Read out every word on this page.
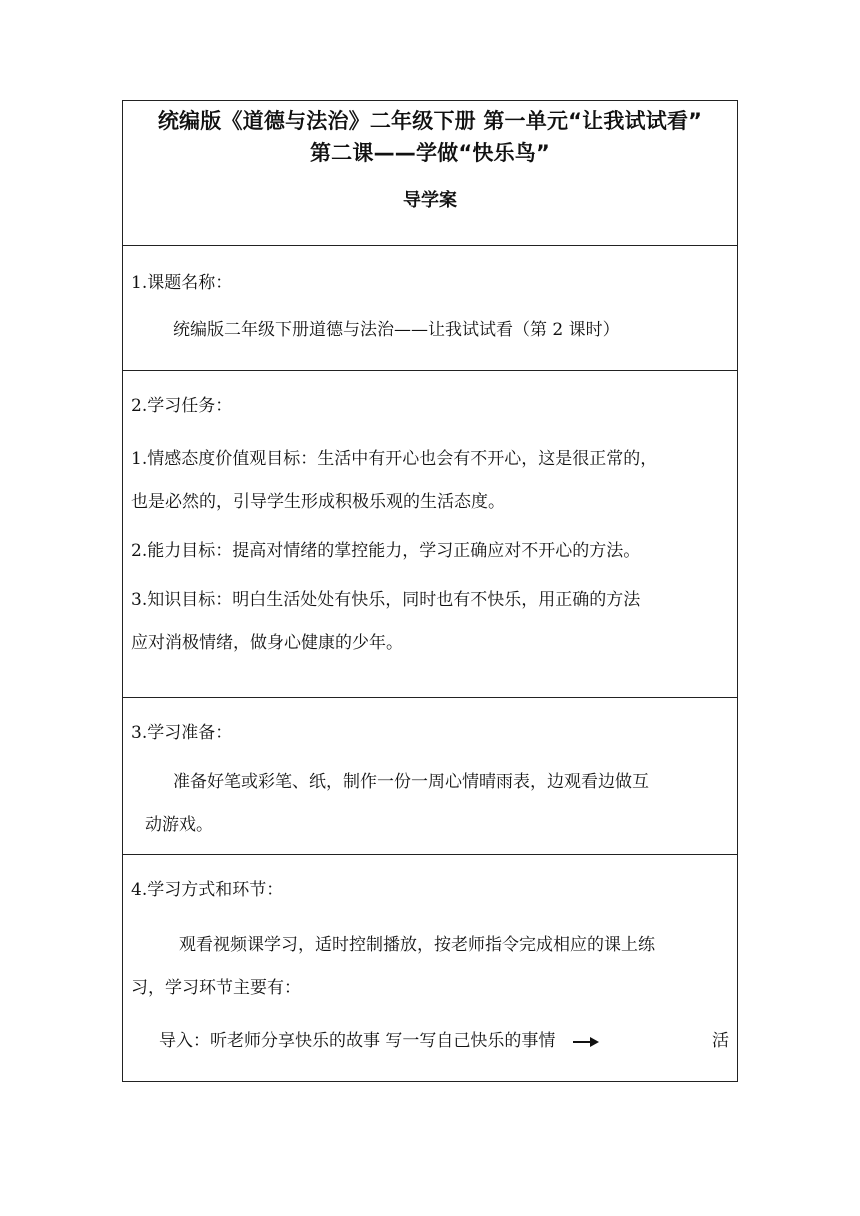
统编版《道德与法治》二年级下册 第一单元“让我试试看”
第二课——学做“快乐鸟”
导学案

1.课题名称：

统编版二年级下册道德与法治——让我试试看（第 2 课时）

2.学习任务：

1.情感态度价值观目标：生活中有开心也会有不开心，这是很正常的，

也是必然的，引导学生形成积极乐观的生活态度。

2.能力目标：提高对情绪的掌控能力，学习正确应对不开心的方法。

3.知识目标：明白生活处处有快乐，同时也有不快乐，用正确的方法

应对消极情绪，做身心健康的少年。

3.学习准备：

准备好笔或彩笔、纸，制作一份一周心情晴雨表，边观看边做互

动游戏。

4.学习方式和环节：

观看视频课学习，适时控制播放，按老师指令完成相应的课上练

习，学习环节主要有：

导入：听老师分享快乐的故事 写一写自己快乐的事情	活
